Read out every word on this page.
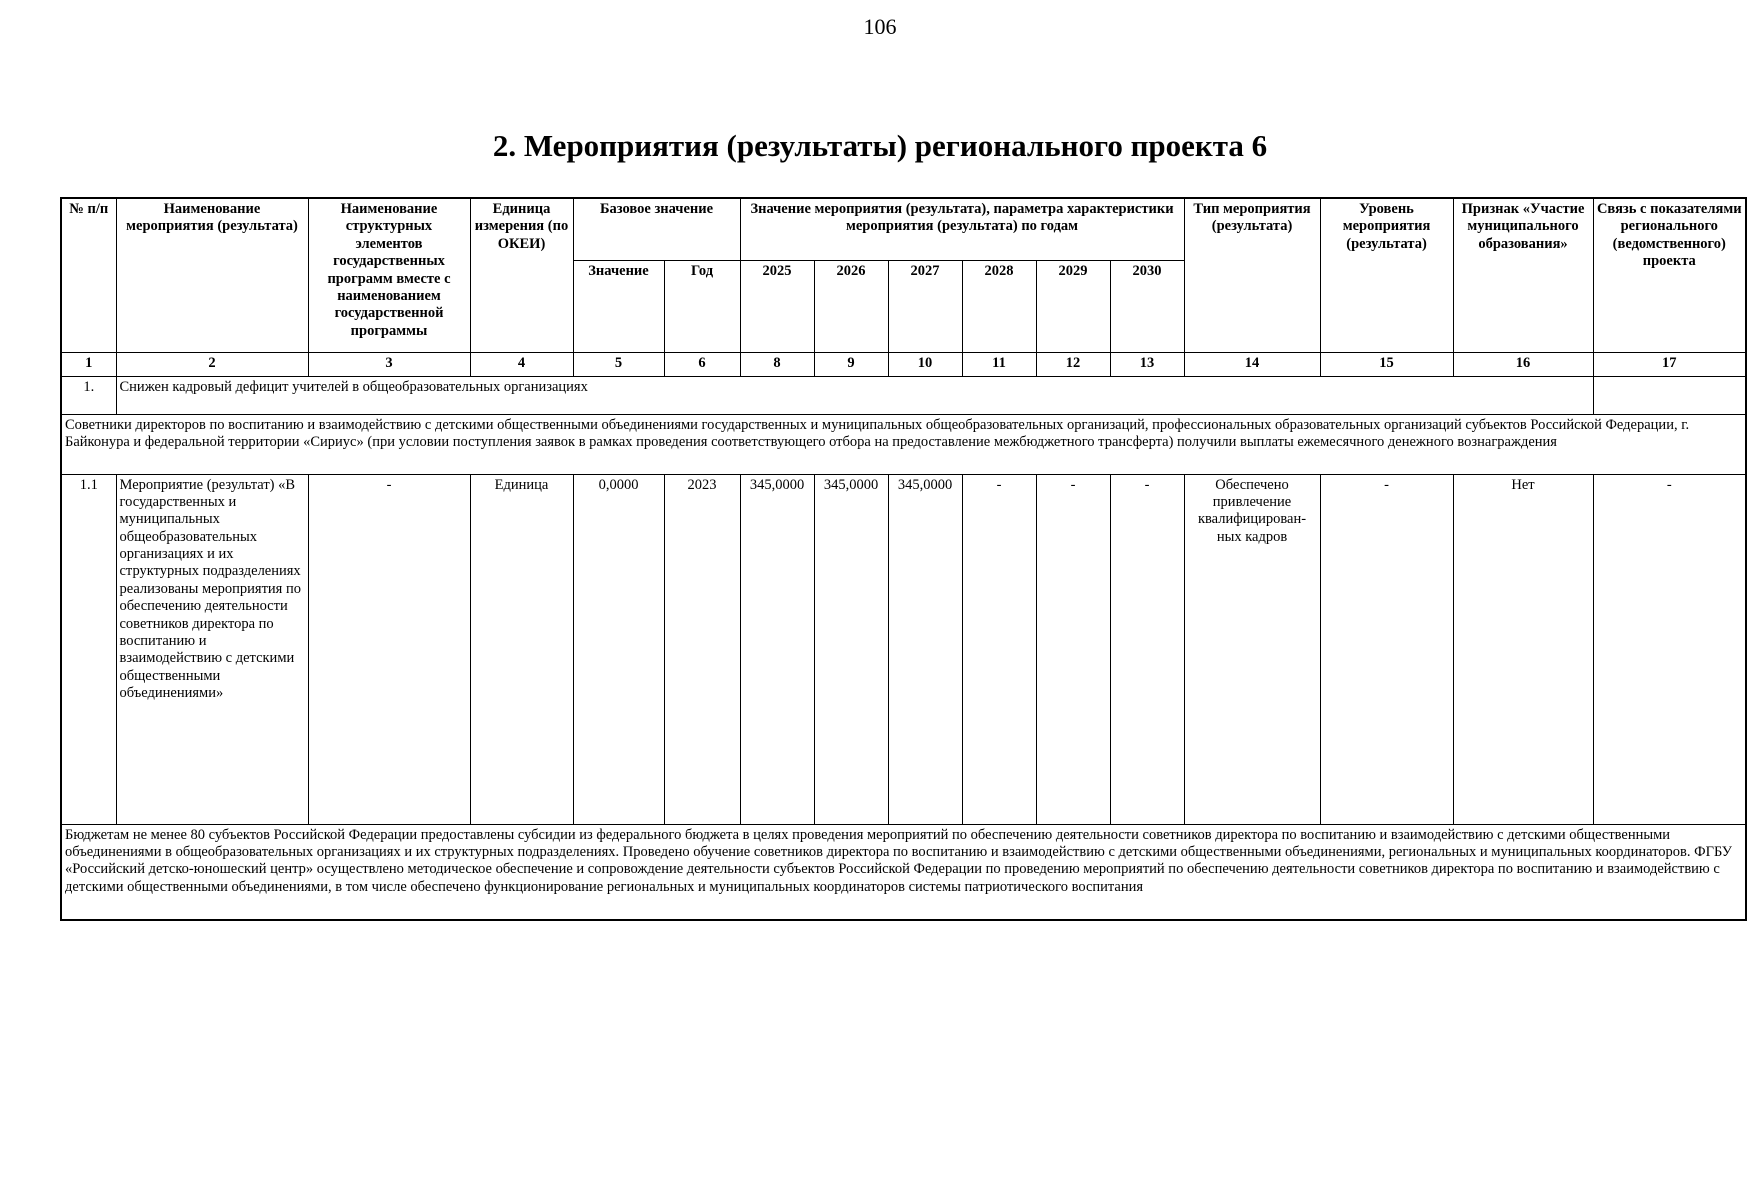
106
2. Мероприятия (результаты) регионального проекта 6
№ п/п	Наименование мероприятия (результата)	Наименование структурных элементов государственных программ вместе с наименованием государственной программы	Единица измерения (по ОКЕИ)	Базовое значение		Значение мероприятия (результата), параметра характеристики мероприятия (результата) по годам						Тип мероприятия (результата)	Уровень мероприятия (результата)	Признак «Участие муниципального образования»	Связь с показателями регионального (ведомственного) проекта
				Значение	Год	2025	2026	2027	2028	2029	2030				
1	2	3	4	5	6	8	9	10	11	12	13	14	15	16	17
1.	Снижен кадровый дефицит учителей в общеобразовательных организациях														
Советники директоров по воспитанию и взаимодействию с детскими общественными объединениями государственных и муниципальных общеобразовательных организаций, профессиональных образовательных организаций субъектов Российской Федерации, г. Байконура и федеральной территории «Сириус» (при условии поступления заявок в рамках проведения соответствующего отбора на предоставление межбюджетного трансферта) получили выплаты ежемесячного денежного вознаграждения															
1.1	Мероприятие (результат) «В государственных и муниципальных общеобразовательных организациях и их структурных подразделениях реализованы мероприятия по обеспечению деятельности советников директора по воспитанию и взаимодействию с детскими общественными объединениями»	-	Единица	0,0000	2023	345,0000	345,0000	345,0000	-	-	-	Обеспечено привлечение квалифицирован-ных кадров	-	Нет	-
Бюджетам не менее 80 субъектов Российской Федерации предоставлены субсидии из федерального бюджета в целях проведения мероприятий по обеспечению деятельности советников директора по воспитанию и взаимодействию с детскими общественными объединениями в общеобразовательных организациях и их структурных подразделениях. Проведено обучение советников директора по воспитанию и взаимодействию с детскими общественными объединениями, региональных и муниципальных координаторов. ФГБУ «Российский детско-юношеский центр» осуществлено методическое обеспечение и сопровождение деятельности субъектов Российской Федерации по проведению мероприятий по обеспечению деятельности советников директора по воспитанию и взаимодействию с детскими общественными объединениями, в том числе обеспечено функционирование региональных и муниципальных координаторов системы патриотического воспитания															
